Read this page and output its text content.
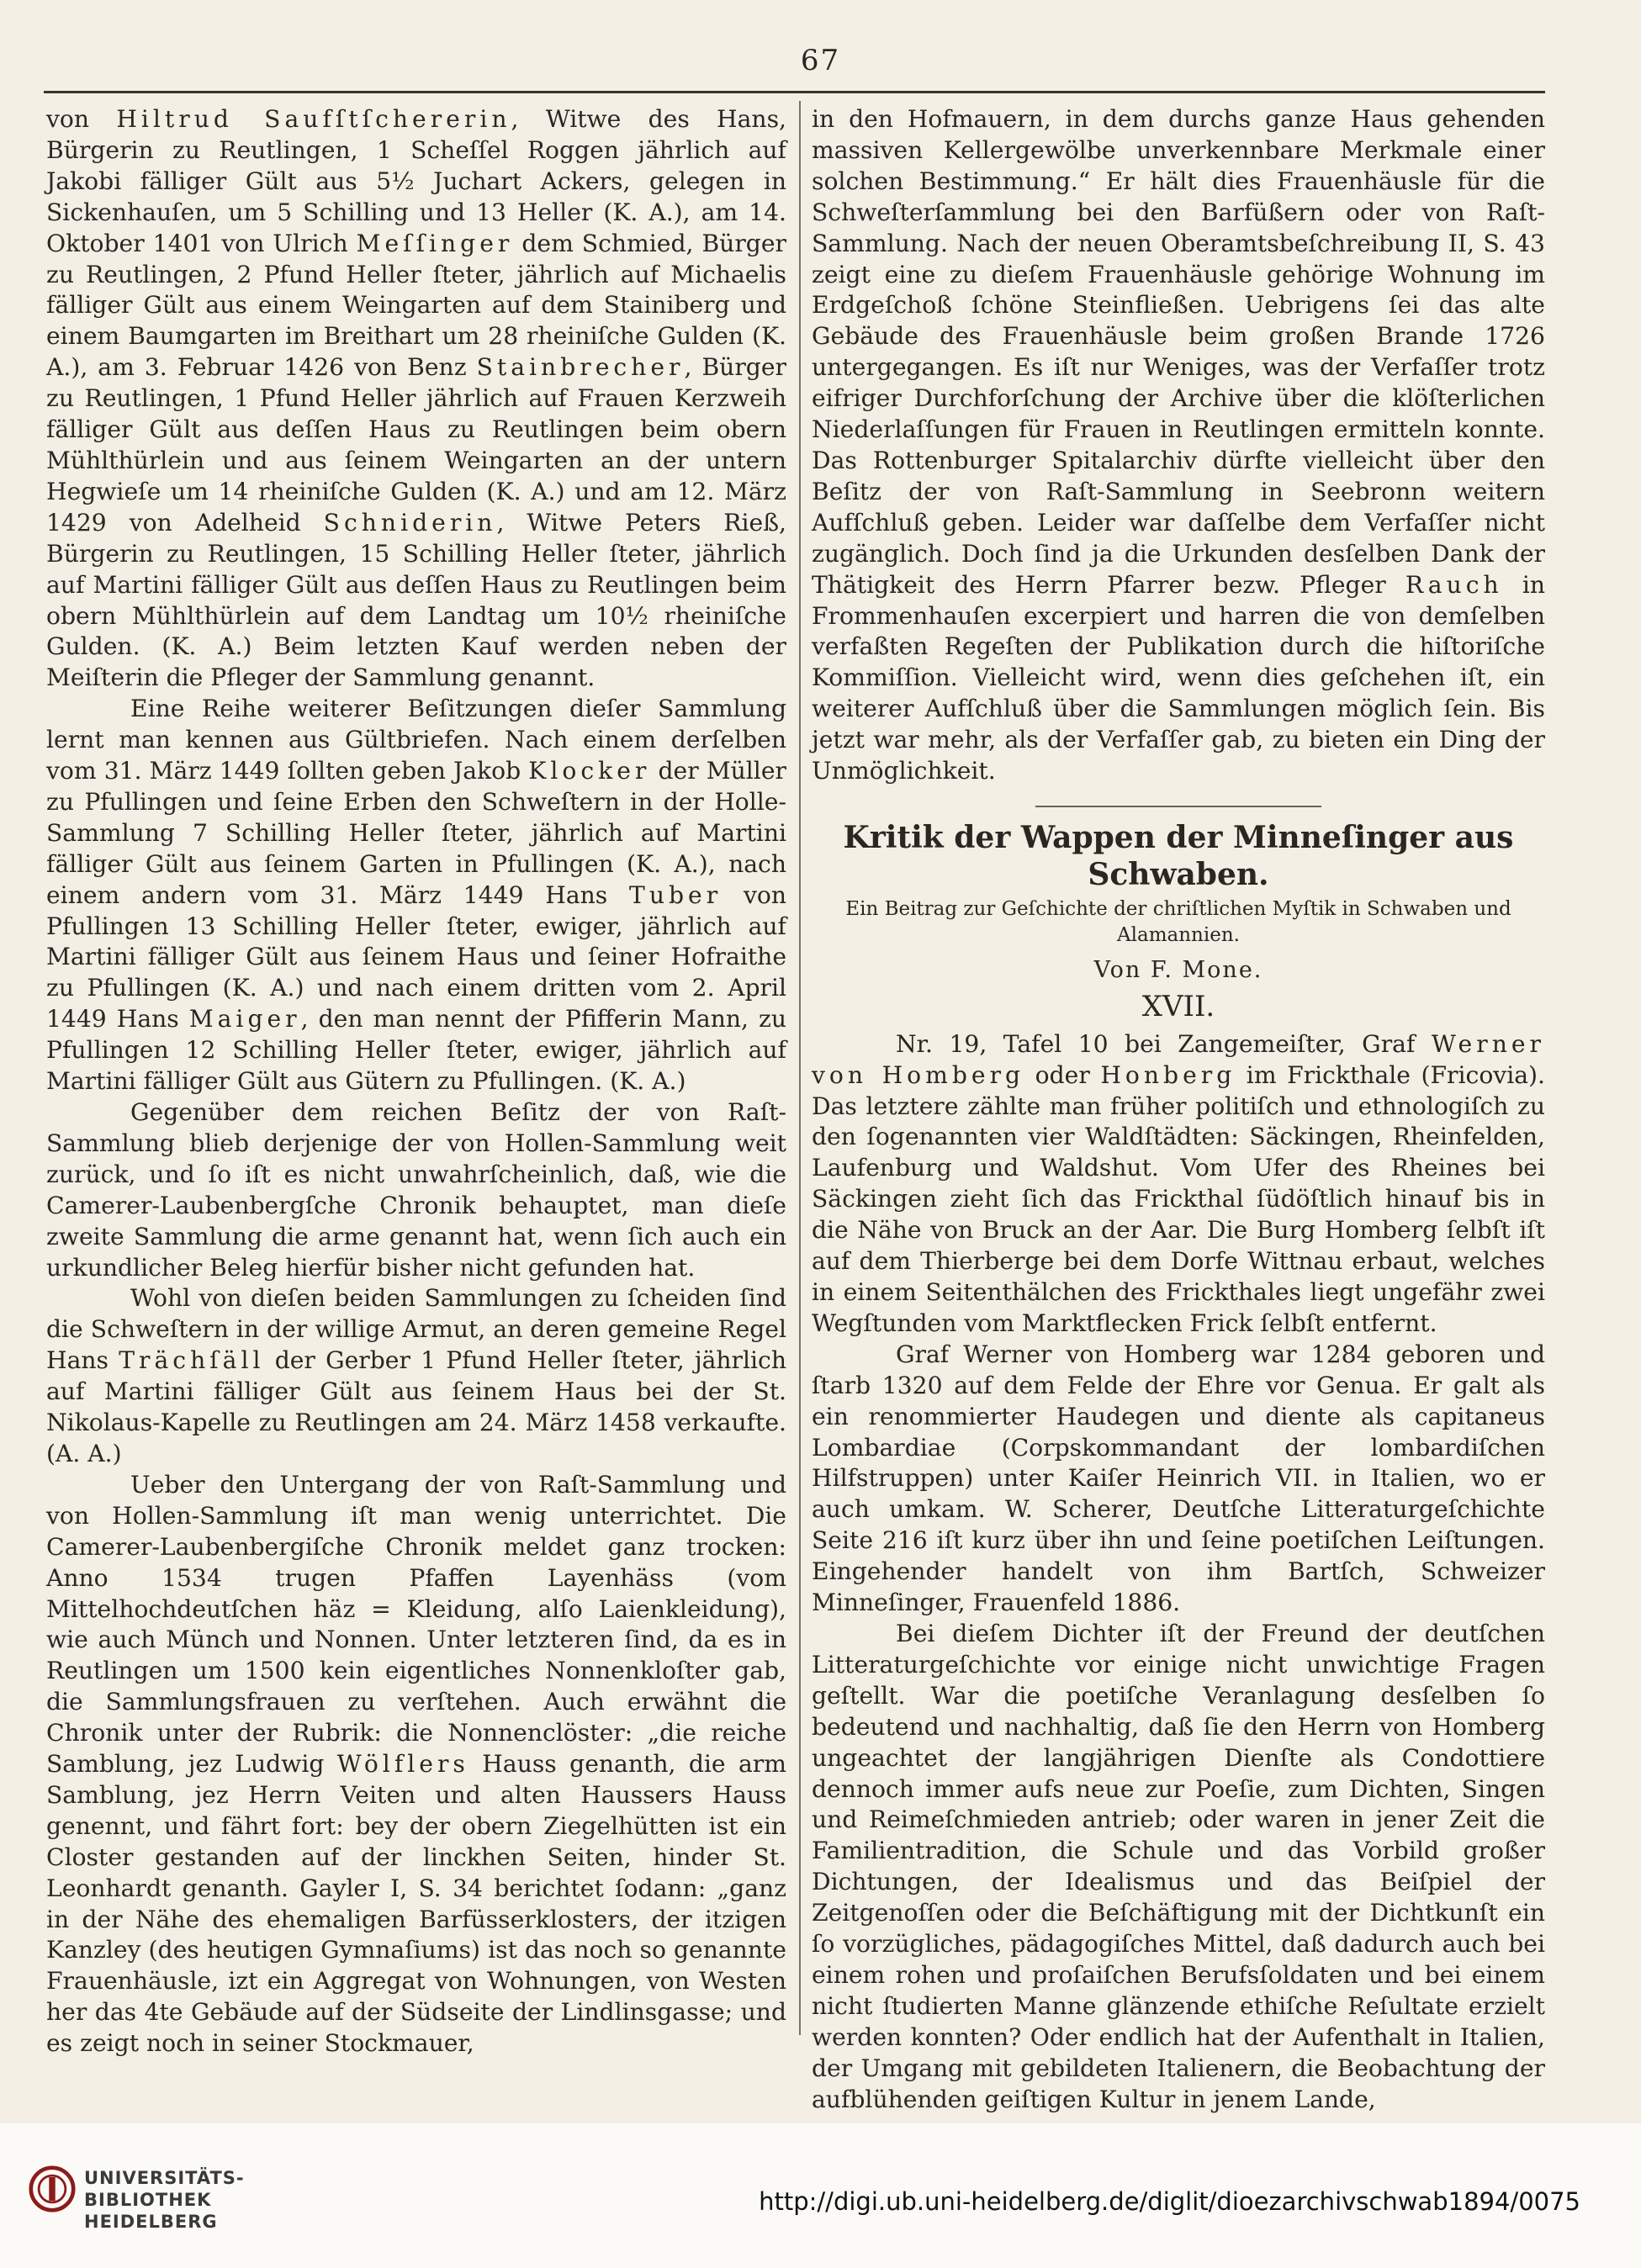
67

von Hiltrud Saufſtſchererin, Witwe des Hans, Bürgerin zu Reutlingen, 1 Scheſſel Roggen jährlich auf Jakobi fälliger Gült aus 5½ Juchart Ackers, gelegen in Sickenhauſen, um 5 Schilling und 13 Heller (K. A.), am 14. Oktober 1401 von Ulrich Meſſinger dem Schmied, Bürger zu Reutlingen, 2 Pfund Heller ſteter, jährlich auf Michaelis fälliger Gült aus einem Weingarten auf dem Stainiberg und einem Baumgarten im Breithart um 28 rheiniſche Gulden (K. A.), am 3. Februar 1426 von Benz Stainbrecher, Bürger zu Reutlingen, 1 Pfund Heller jährlich auf Frauen Kerzweih fälliger Gült aus deſſen Haus zu Reutlingen beim obern Mühlthürlein und aus ſeinem Weingarten an der untern Hegwieſe um 14 rheiniſche Gulden (K. A.) und am 12. März 1429 von Adelheid Schniderin, Witwe Peters Rieß, Bürgerin zu Reutlingen, 15 Schilling Heller ſteter, jährlich auf Martini fälliger Gült aus deſſen Haus zu Reutlingen beim obern Mühlthürlein auf dem Landtag um 10½ rheiniſche Gulden. (K. A.) Beim letzten Kauf werden neben der Meiſterin die Pfleger der Sammlung genannt.

Eine Reihe weiterer Beſitzungen dieſer Sammlung lernt man kennen aus Gültbriefen. Nach einem derſelben vom 31. März 1449 ſollten geben Jakob Klocker der Müller zu Pfullingen und ſeine Erben den Schweſtern in der Holle-Sammlung 7 Schilling Heller ſteter, jährlich auf Martini fälliger Gült aus ſeinem Garten in Pfullingen (K. A.), nach einem andern vom 31. März 1449 Hans Tuber von Pfullingen 13 Schilling Heller ſteter, ewiger, jährlich auf Martini fälliger Gült aus ſeinem Haus und ſeiner Hofraithe zu Pfullingen (K. A.) und nach einem dritten vom 2. April 1449 Hans Maiger, den man nennt der Pfifferin Mann, zu Pfullingen 12 Schilling Heller ſteter, ewiger, jährlich auf Martini fälliger Gült aus Gütern zu Pfullingen. (K. A.)

Gegenüber dem reichen Beſitz der von Raſt-Sammlung blieb derjenige der von Hollen-Sammlung weit zurück, und ſo iſt es nicht unwahrſcheinlich, daß, wie die Camerer-Laubenbergſche Chronik behauptet, man dieſe zweite Sammlung die arme genannt hat, wenn ſich auch ein urkundlicher Beleg hierfür bisher nicht gefunden hat.

Wohl von dieſen beiden Sammlungen zu ſcheiden ſind die Schweſtern in der willige Armut, an deren gemeine Regel Hans Trächſäll der Gerber 1 Pfund Heller ſteter, jährlich auf Martini fälliger Gült aus ſeinem Haus bei der St. Nikolaus-Kapelle zu Reutlingen am 24. März 1458 verkaufte. (A. A.)

Ueber den Untergang der von Raſt-Sammlung und von Hollen-Sammlung iſt man wenig unterrichtet. Die Camerer-Laubenbergiſche Chronik meldet ganz trocken: Anno 1534 trugen Pfaffen Layenhäss (vom Mittelhochdeutſchen häz = Kleidung, alſo Laienkleidung), wie auch Münch und Nonnen. Unter letzteren ſind, da es in Reutlingen um 1500 kein eigentliches Nonnenkloſter gab, die Sammlungsfrauen zu verſtehen. Auch erwähnt die Chronik unter der Rubrik: die Nonnenclöster: „die reiche Samblung, jez Ludwig Wölflers Hauss genanth, die arm Samblung, jez Herrn Veiten und alten Haussers Hauss genennt, und fährt fort: bey der obern Ziegelhütten ist ein Closter gestanden auf der linckhen Seiten, hinder St. Leonhardt genanth. Gayler I, S. 34 berichtet ſodann: „ganz in der Nähe des ehemaligen Barfüsserklosters, der itzigen Kanzley (des heutigen Gymnaſiums) ist das noch so genannte Frauenhäusle, izt ein Aggregat von Wohnungen, von Westen her das 4te Gebäude auf der Südseite der Lindlinsgasse; und es zeigt noch in seiner Stockmauer,

in den Hofmauern, in dem durchs ganze Haus gehenden massiven Kellergewölbe unverkennbare Merkmale einer solchen Bestimmung.“ Er hält dies Frauenhäusle für die Schweſterſammlung bei den Barfüßern oder von Raſt-Sammlung. Nach der neuen Oberamtsbeſchreibung II, S. 43 zeigt eine zu dieſem Frauenhäusle gehörige Wohnung im Erdgeſchoß ſchöne Steinfließen. Uebrigens ſei das alte Gebäude des Frauenhäusle beim großen Brande 1726 untergegangen. Es iſt nur Weniges, was der Verfaſſer trotz eifriger Durchforſchung der Archive über die klöſterlichen Niederlaſſungen für Frauen in Reutlingen ermitteln konnte. Das Rottenburger Spitalarchiv dürfte vielleicht über den Beſitz der von Raſt-Sammlung in Seebronn weitern Aufſchluß geben. Leider war daſſelbe dem Verfaſſer nicht zugänglich. Doch ſind ja die Urkunden desſelben Dank der Thätigkeit des Herrn Pfarrer bezw. Pfleger Rauch in Frommenhauſen excerpiert und harren die von demſelben verfaßten Regeſten der Publikation durch die hiſtoriſche Kommiſſion. Vielleicht wird, wenn dies geſchehen iſt, ein weiterer Aufſchluß über die Sammlungen möglich ſein. Bis jetzt war mehr, als der Verfaſſer gab, zu bieten ein Ding der Unmöglichkeit.

Kritik der Wappen der Minneſinger aus Schwaben.
Ein Beitrag zur Geſchichte der chriſtlichen Myſtik in Schwaben und Alamannien.
Von F. Mone.
XVII.

Nr. 19, Tafel 10 bei Zangemeiſter, Graf Werner von Homberg oder Honberg im Frickthale (Fricovia). Das letztere zählte man früher politiſch und ethnologiſch zu den ſogenannten vier Waldſtädten: Säckingen, Rheinfelden, Laufenburg und Waldshut. Vom Ufer des Rheines bei Säckingen zieht ſich das Frickthal ſüdöſtlich hinauf bis in die Nähe von Bruck an der Aar. Die Burg Homberg ſelbſt iſt auf dem Thierberge bei dem Dorfe Wittnau erbaut, welches in einem Seitenthälchen des Frickthales liegt ungefähr zwei Wegſtunden vom Marktflecken Frick ſelbſt entfernt.

Graf Werner von Homberg war 1284 geboren und ſtarb 1320 auf dem Felde der Ehre vor Genua. Er galt als ein renommierter Haudegen und diente als capitaneus Lombardiae (Corpskommandant der lombardiſchen Hilfstruppen) unter Kaiſer Heinrich VII. in Italien, wo er auch umkam. W. Scherer, Deutſche Litteraturgeſchichte Seite 216 iſt kurz über ihn und ſeine poetiſchen Leiſtungen. Eingehender handelt von ihm Bartſch, Schweizer Minneſinger, Frauenfeld 1886.

Bei dieſem Dichter iſt der Freund der deutſchen Litteraturgeſchichte vor einige nicht unwichtige Fragen geſtellt. War die poetiſche Veranlagung desſelben ſo bedeutend und nachhaltig, daß ſie den Herrn von Homberg ungeachtet der langjährigen Dienſte als Condottiere dennoch immer aufs neue zur Poeſie, zum Dichten, Singen und Reimeſchmieden antrieb; oder waren in jener Zeit die Familientradition, die Schule und das Vorbild großer Dichtungen, der Idealismus und das Beiſpiel der Zeitgenoſſen oder die Beſchäftigung mit der Dichtkunſt ein ſo vorzügliches, pädagogiſches Mittel, daß dadurch auch bei einem rohen und proſaiſchen Berufsſoldaten und bei einem nicht ſtudierten Manne glänzende ethiſche Reſultate erzielt werden konnten? Oder endlich hat der Aufenthalt in Italien, der Umgang mit gebildeten Italienern, die Beobachtung der aufblühenden geiſtigen Kultur in jenem Lande,

UNIVERSITÄTS-
BIBLIOTHEK
HEIDELBERG
http://digi.ub.uni-heidelberg.de/diglit/dioezarchivschwab1894/0075
